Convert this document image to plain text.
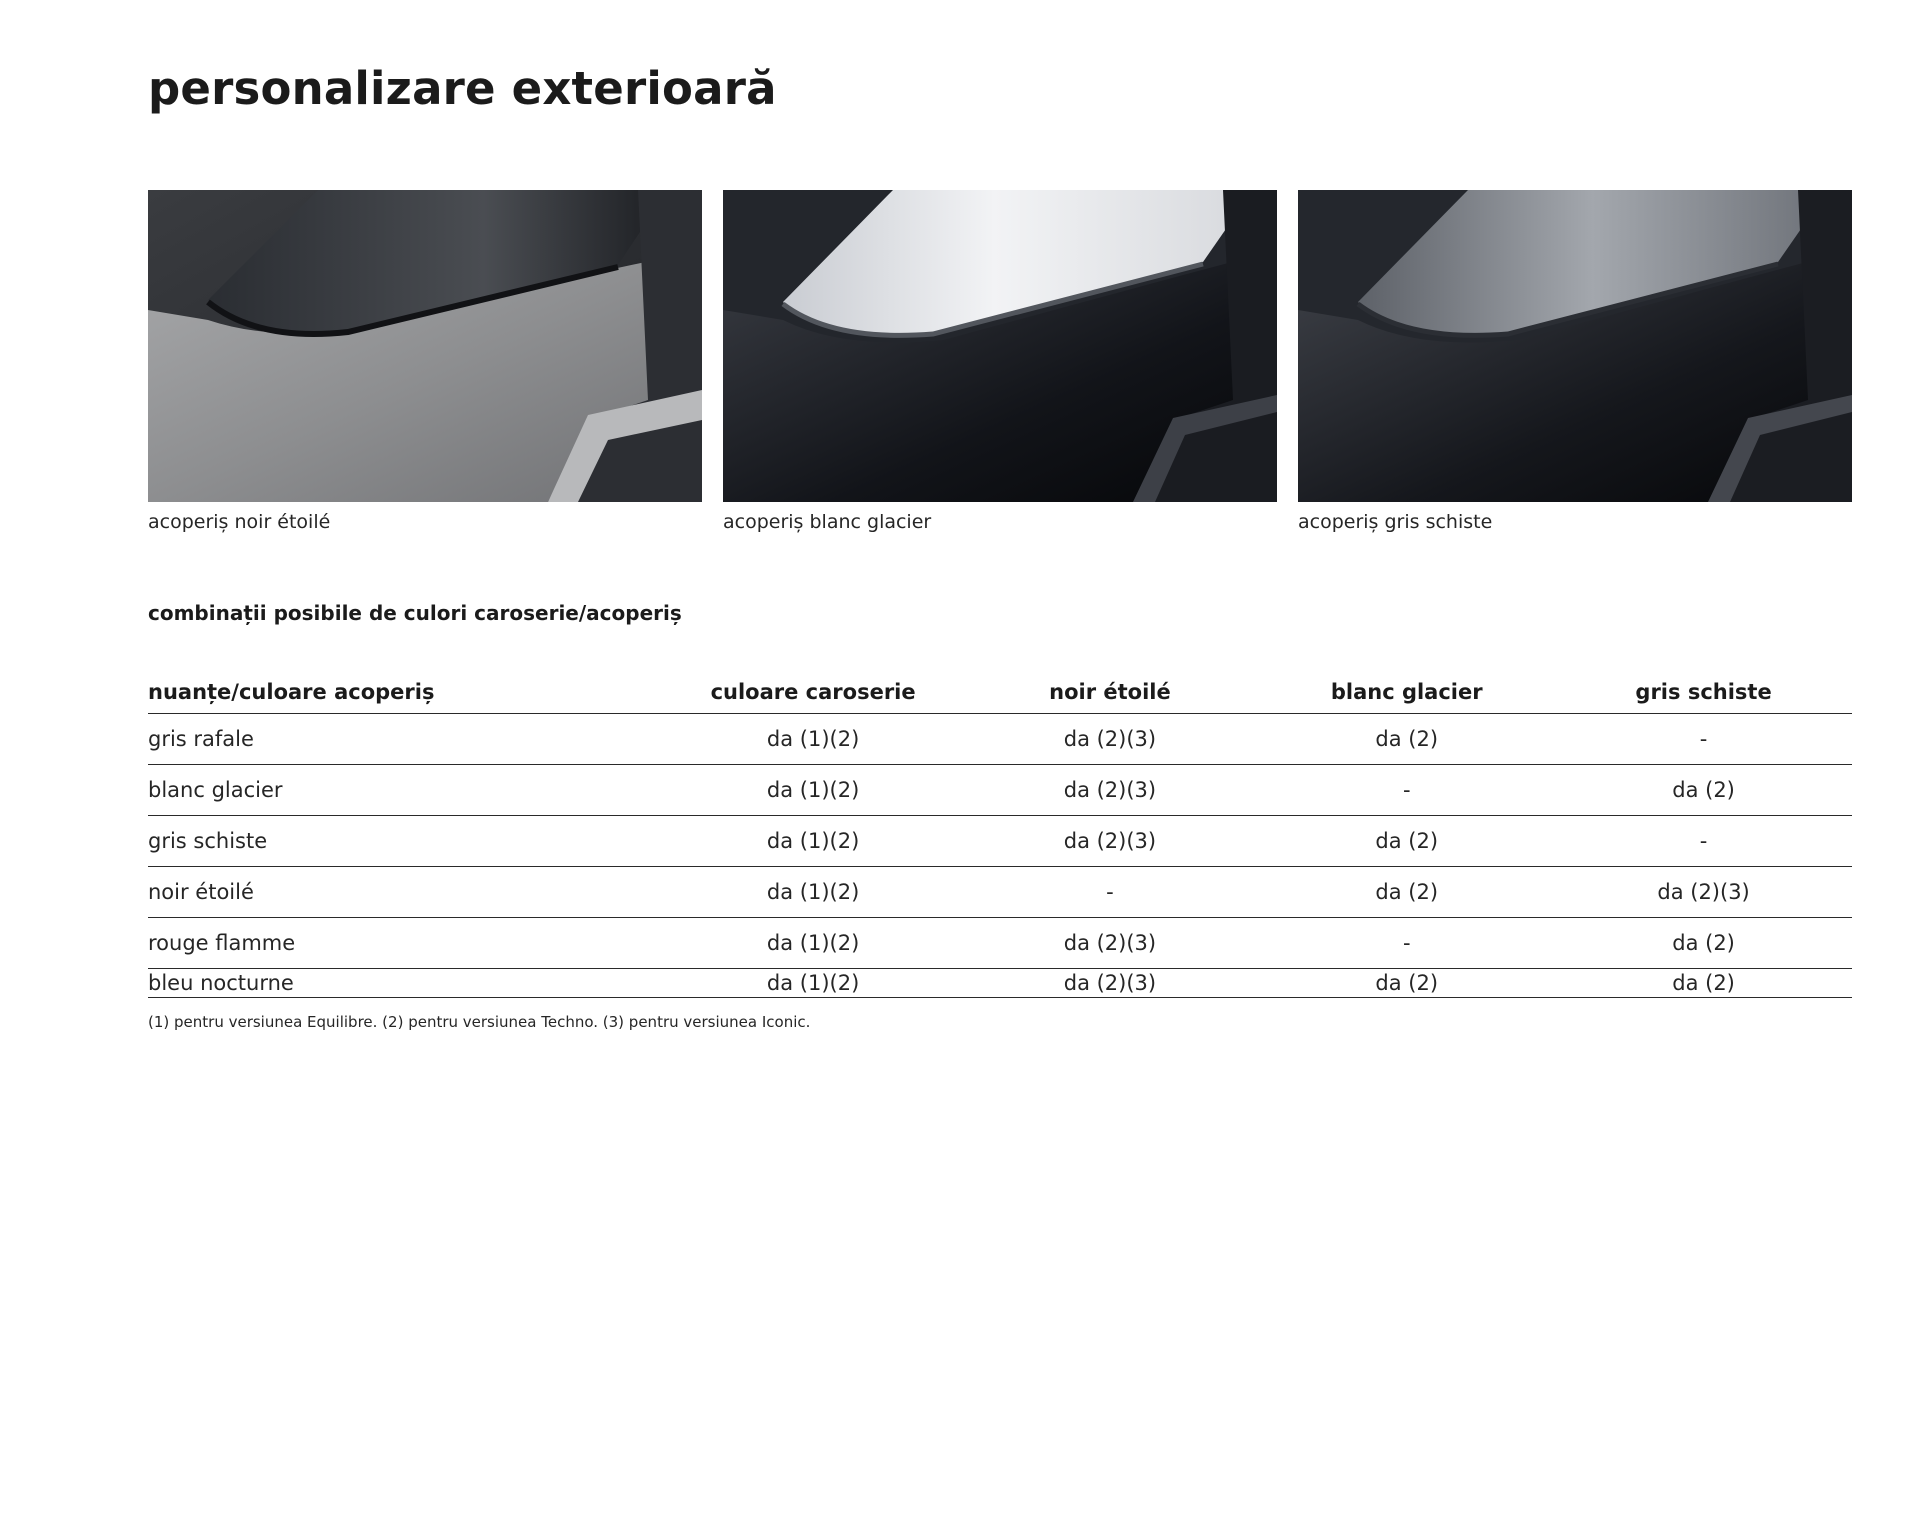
personalizare exterioară
acoperiș noir étoilé	acoperiș blanc glacier	acoperiș gris schiste
combinații posibile de culori caroserie/acoperiș
nuanțe/culoare acoperiș	culoare caroserie	noir étoilé	blanc glacier	gris schiste
gris rafale	da (1)(2)	da (2)(3)	da (2)	-
blanc glacier	da (1)(2)	da (2)(3)	-	da (2)
gris schiste	da (1)(2)	da (2)(3)	da (2)	-
noir étoilé	da (1)(2)	-	da (2)	da (2)(3)
rouge flamme	da (1)(2)	da (2)(3)	-	da (2)
bleu nocturne	da (1)(2)	da (2)(3)	da (2)	da (2)

(1) pentru versiunea Equilibre. (2) pentru versiunea Techno. (3) pentru versiunea Iconic.
